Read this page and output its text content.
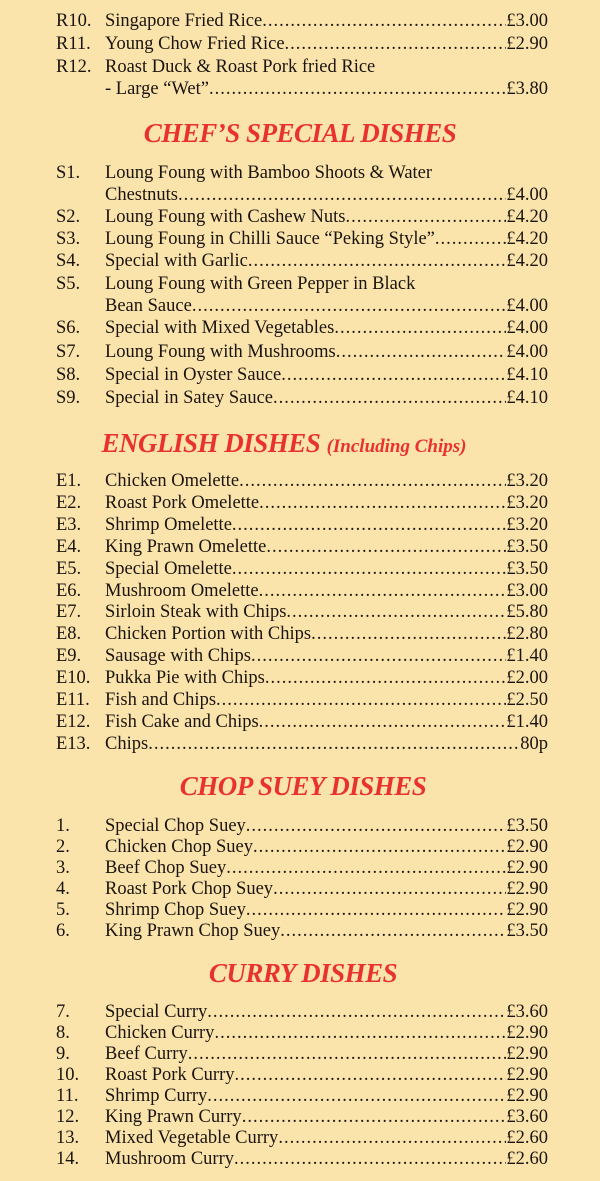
R10. Singapore Fried Rice .....	£3.00
R11. Young Chow Fried Rice .....	£2.90
R12. Roast Duck & Roast Pork fried Rice
- Large “Wet” .....	£3.80
CHEF’S SPECIAL DISHES
S1. Loung Foung with Bamboo Shoots & Water
Chestnuts .....	£4.00
S2. Loung Foung with Cashew Nuts .....	£4.20
S3. Loung Foung in Chilli Sauce “Peking Style” .....	£4.20
S4. Special with Garlic .....	£4.20
S5. Loung Foung with Green Pepper in Black
Bean Sauce .....	£4.00
S6. Special with Mixed Vegetables .....	£4.00
S7. Loung Foung with Mushrooms .....	£4.00
S8. Special in Oyster Sauce .....	£4.10
S9. Special in Satey Sauce .....	£4.10
ENGLISH DISHES (Including Chips)
E1. Chicken Omelette .....	£3.20
E2. Roast Pork Omelette .....	£3.20
E3. Shrimp Omelette .....	£3.20
E4. King Prawn Omelette .....	£3.50
E5. Special Omelette .....	£3.50
E6. Mushroom Omelette .....	£3.00
E7. Sirloin Steak with Chips .....	£5.80
E8. Chicken Portion with Chips .....	£2.80
E9. Sausage with Chips .....	£1.40
E10. Pukka Pie with Chips .....	£2.00
E11. Fish and Chips .....	£2.50
E12. Fish Cake and Chips .....	£1.40
E13. Chips .....	80p
CHOP SUEY DISHES
1. Special Chop Suey .....	£3.50
2. Chicken Chop Suey .....	£2.90
3. Beef Chop Suey .....	£2.90
4. Roast Pork Chop Suey .....	£2.90
5. Shrimp Chop Suey .....	£2.90
6. King Prawn Chop Suey .....	£3.50
CURRY DISHES
7. Special Curry .....	£3.60
8. Chicken Curry .....	£2.90
9. Beef Curry .....	£2.90
10. Roast Pork Curry .....	£2.90
11. Shrimp Curry .....	£2.90
12. King Prawn Curry .....	£3.60
13. Mixed Vegetable Curry .....	£2.60
14. Mushroom Curry .....	£2.60
